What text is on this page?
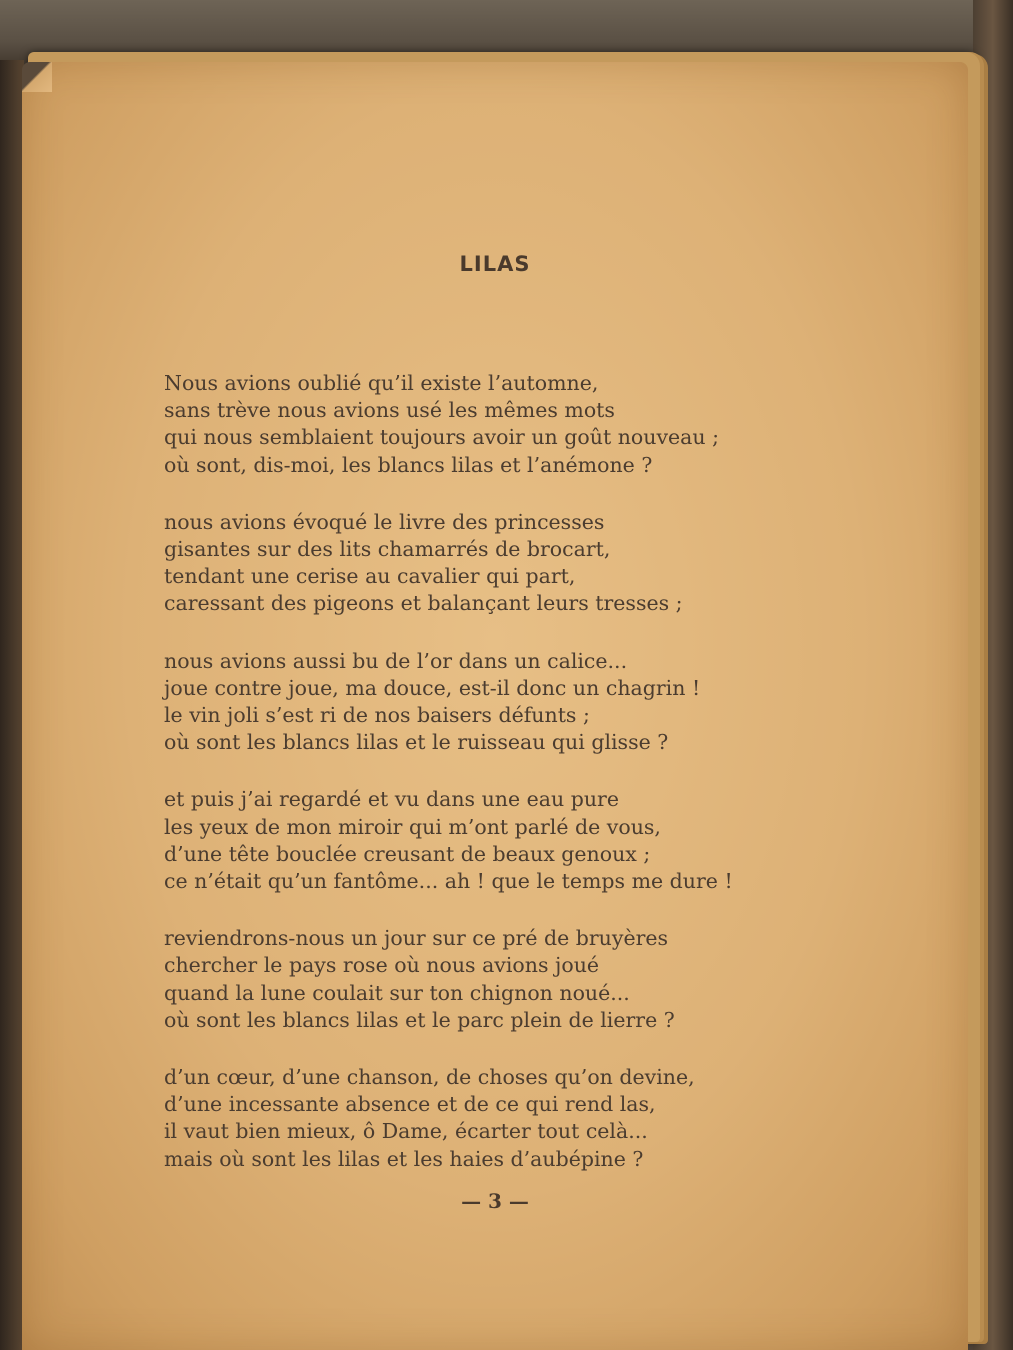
LILAS
Nous avions oublié qu’il existe l’automne,
sans trève nous avions usé les mêmes mots
qui nous semblaient toujours avoir un goût nouveau ;
où sont, dis-moi, les blancs lilas et l’anémone ?
nous avions évoqué le livre des princesses
gisantes sur des lits chamarrés de brocart,
tendant une cerise au cavalier qui part,
caressant des pigeons et balançant leurs tresses ;
nous avions aussi bu de l’or dans un calice...
joue contre joue, ma douce, est-il donc un chagrin !
le vin joli s’est ri de nos baisers défunts ;
où sont les blancs lilas et le ruisseau qui glisse ?
et puis j’ai regardé et vu dans une eau pure
les yeux de mon miroir qui m’ont parlé de vous,
d’une tête bouclée creusant de beaux genoux ;
ce n’était qu’un fantôme... ah ! que le temps me dure !
reviendrons-nous un jour sur ce pré de bruyères
chercher le pays rose où nous avions joué
quand la lune coulait sur ton chignon noué...
où sont les blancs lilas et le parc plein de lierre ?
d’un cœur, d’une chanson, de choses qu’on devine,
d’une incessante absence et de ce qui rend las,
il vaut bien mieux, ô Dame, écarter tout celà...
mais où sont les lilas et les haies d’aubépine ?
— 3 —
